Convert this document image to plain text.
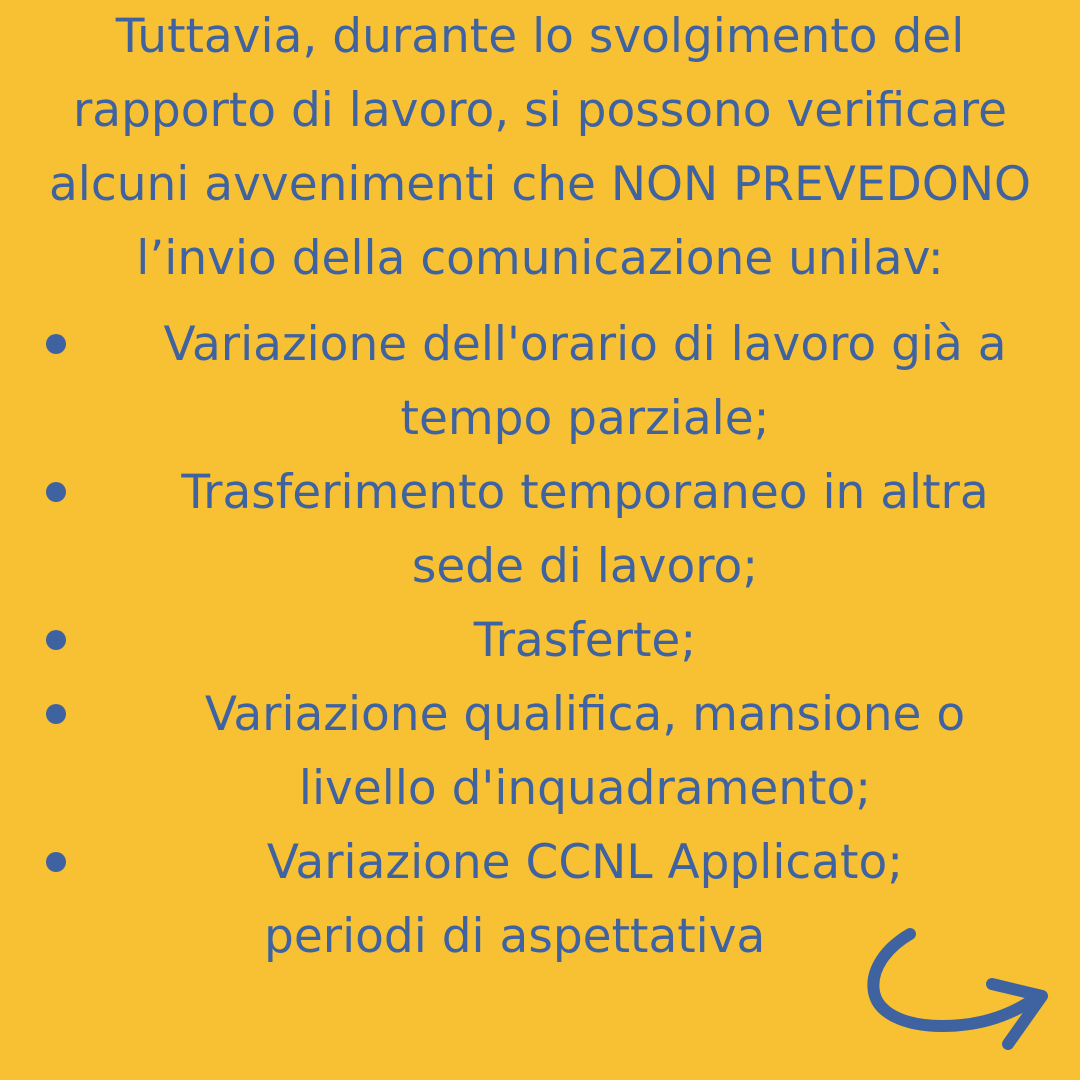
Tuttavia, durante lo svolgimento del
rapporto di lavoro, si possono verificare
alcuni avvenimenti che NON PREVEDONO
l’invio della comunicazione unilav:
Variazione dell'orario di lavoro già a
tempo parziale;
Trasferimento temporaneo in altra
sede di lavoro;
Trasferte;
Variazione qualifica, mansione o
livello d'inquadramento;
Variazione CCNL Applicato;
periodi di aspettativa
